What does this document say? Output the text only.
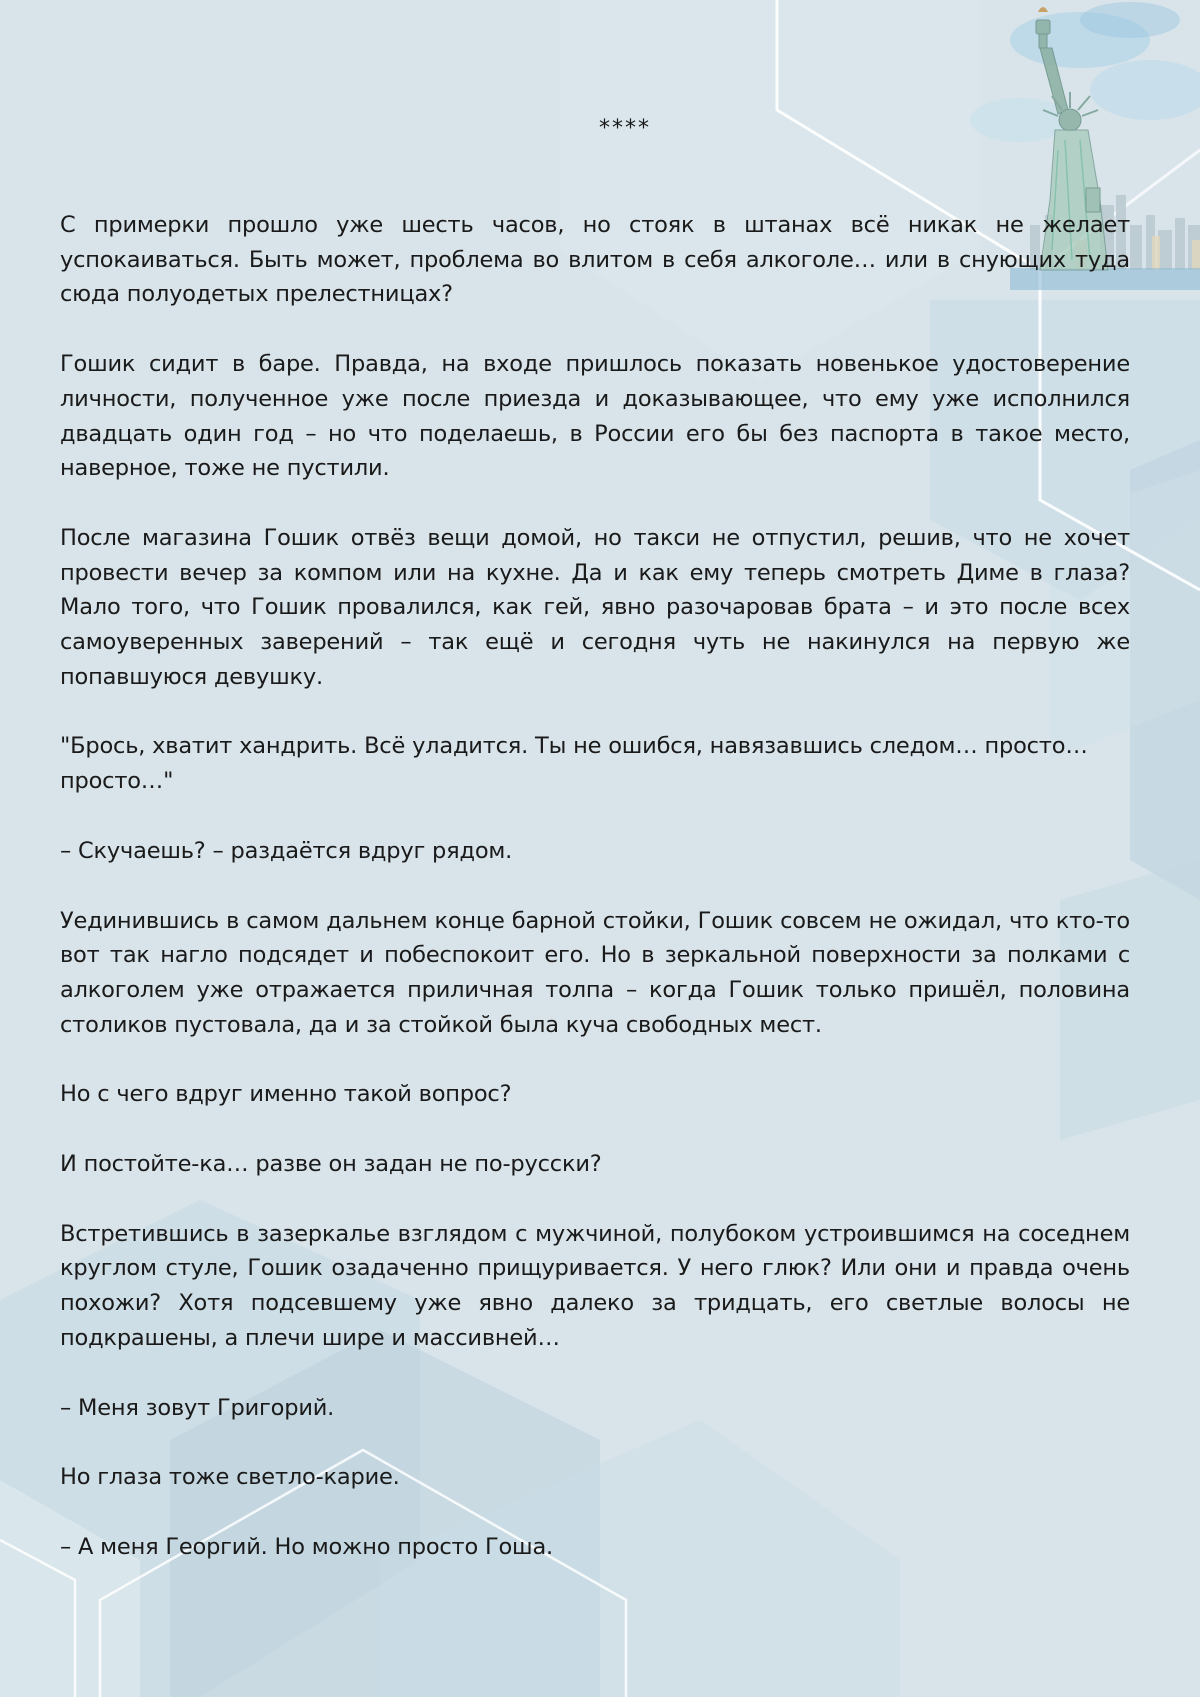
****

С примерки прошло уже шесть часов, но стояк в штанах всё никак не желает успокаиваться. Быть может, проблема во влитом в себя алкоголе… или в снующих туда сюда полуодетых прелестницах?

Гошик сидит в баре. Правда, на входе пришлось показать новенькое удостоверение личности, полученное уже после приезда и доказывающее, что ему уже исполнился двадцать один год – но что поделаешь, в России его бы без паспорта в такое место, наверное, тоже не пустили.

После магазина Гошик отвёз вещи домой, но такси не отпустил, решив, что не хочет провести вечер за компом или на кухне. Да и как ему теперь смотреть Диме в глаза? Мало того, что Гошик провалился, как гей, явно разочаровав брата – и это после всех самоуверенных заверений – так ещё и сегодня чуть не накинулся на первую же попавшуюся девушку.

"Брось, хватит хандрить. Всё уладится. Ты не ошибся, навязавшись следом… просто… просто…"

– Скучаешь? – раздаётся вдруг рядом.

Уединившись в самом дальнем конце барной стойки, Гошик совсем не ожидал, что кто-то вот так нагло подсядет и побеспокоит его. Но в зеркальной поверхности за полками с алкоголем уже отражается приличная толпа – когда Гошик только пришёл, половина столиков пустовала, да и за стойкой была куча свободных мест.

Но с чего вдруг именно такой вопрос?

И постойте-ка… разве он задан не по-русски?

Встретившись в зазеркалье взглядом с мужчиной, полубоком устроившимся на соседнем круглом стуле, Гошик озадаченно прищуривается. У него глюк? Или они и правда очень похожи? Хотя подсевшему уже явно далеко за тридцать, его светлые волосы не подкрашены, а плечи шире и массивней…

– Меня зовут Григорий.

Но глаза тоже светло-карие.

– А меня Георгий. Но можно просто Гоша.
